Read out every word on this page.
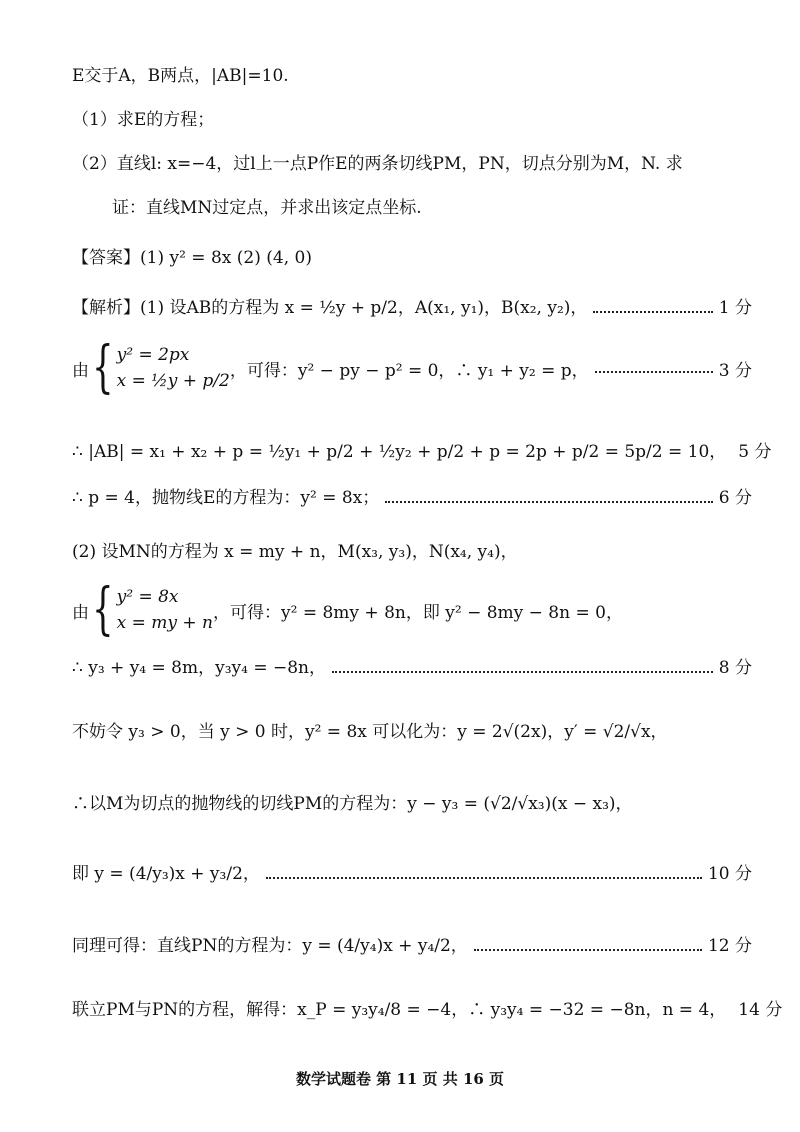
E交于A，B两点，|AB|=10.
（1）求E的方程；
（2）直线l: x=−4，过l上一点P作E的两条切线PM，PN，切点分别为M，N. 求
证：直线MN过定点，并求出该定点坐标.
【答案】(1) y² = 8x (2) (4, 0)
【解析】(1) 设AB的方程为 x = ½y + p/2，A(x₁, y₁)，B(x₂, y₂)，	1 分
由 { y² = 2px
x = ½y + p/2
，可得：y² − py − p² = 0，∴ y₁ + y₂ = p，	3 分
∴ |AB| = x₁ + x₂ + p = ½y₁ + p/2 + ½y₂ + p/2 + p = 2p + p/2 = 5p/2 = 10， 5 分
∴ p = 4，抛物线E的方程为：y² = 8x；	6 分
(2) 设MN的方程为 x = my + n，M(x₃, y₃)，N(x₄, y₄)，
由 { y² = 8x
x = my + n
，可得：y² = 8my + 8n，即 y² − 8my − 8n = 0，
∴ y₃ + y₄ = 8m，y₃y₄ = −8n，	8 分
不妨令 y₃ > 0，当 y > 0 时，y² = 8x 可以化为：y = 2√(2x)，y′ = √2/√x，
∴以M为切点的抛物线的切线PM的方程为：y − y₃ = (√2/√x₃)(x − x₃)，
即 y = (4/y₃)x + y₃/2，	10 分
同理可得：直线PN的方程为：y = (4/y₄)x + y₄/2，	12 分
联立PM与PN的方程，解得：x_P = y₃y₄/8 = −4，∴ y₃y₄ = −32 = −8n，n = 4， 14 分
数学试题卷 第 11 页 共 16 页
